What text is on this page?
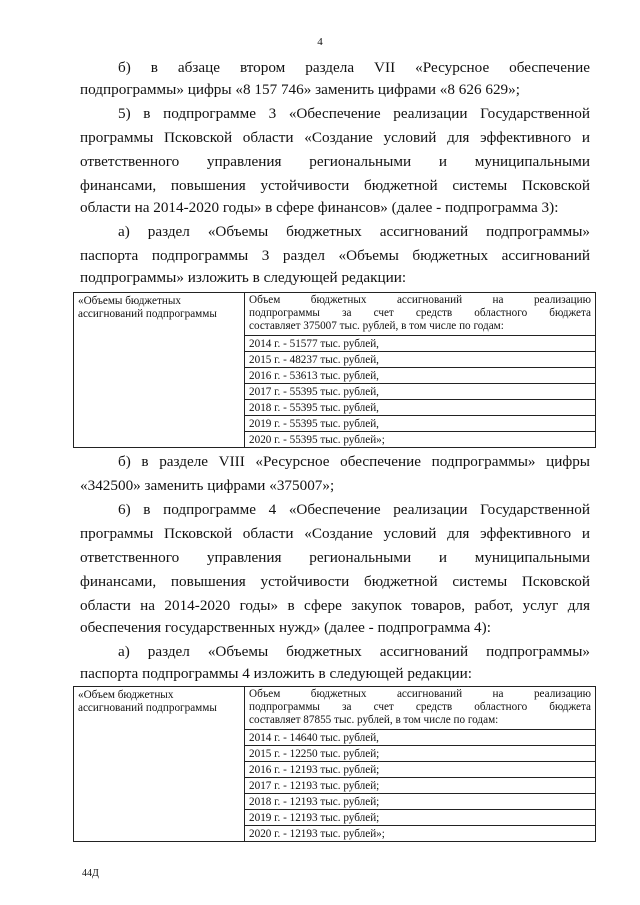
4
б) в абзаце втором раздела VII «Ресурсное обеспечение
подпрограммы» цифры «8 157 746» заменить цифрами «8 626 629»;
5) в подпрограмме 3 «Обеспечение реализации Государственной
программы Псковской области «Создание условий для эффективного и
ответственного управления региональными и муниципальными
финансами, повышения устойчивости бюджетной системы Псковской
области на 2014-2020 годы» в сфере финансов» (далее - подпрограмма 3):
а) раздел «Объемы бюджетных ассигнований подпрограммы»
паспорта подпрограммы 3 раздел «Объемы бюджетных ассигнований
подпрограммы» изложить в следующей редакции:
«Объемы бюджетных ассигнований подпрограммы	
Объем бюджетных ассигнований на реализацию
подпрограммы за счет средств областного бюджета
составляет 375007 тыс. рублей, в том числе по годам:
2014 г. - 51577 тыс. рублей,
2015 г. - 48237 тыс. рублей,
2016 г. - 53613 тыс. рублей,
2017 г. - 55395 тыс. рублей,
2018 г. - 55395 тыс. рублей,
2019 г. - 55395 тыс. рублей,
2020 г. - 55395 тыс. рублей»;
б) в разделе VIII «Ресурсное обеспечение подпрограммы» цифры
«342500» заменить цифрами «375007»;
6) в подпрограмме 4 «Обеспечение реализации Государственной
программы Псковской области «Создание условий для эффективного и
ответственного управления региональными и муниципальными
финансами, повышения устойчивости бюджетной системы Псковской
области на 2014-2020 годы» в сфере закупок товаров, работ, услуг для
обеспечения государственных нужд» (далее - подпрограмма 4):
а) раздел «Объемы бюджетных ассигнований подпрограммы»
паспорта подпрограммы 4 изложить в следующей редакции:
«Объем бюджетных ассигнований подпрограммы	
Объем бюджетных ассигнований на реализацию
подпрограммы за счет средств областного бюджета
составляет 87855 тыс. рублей, в том числе по годам:
2014 г. - 14640 тыс. рублей,
2015 г. - 12250 тыс. рублей;
2016 г. - 12193 тыс. рублей;
2017 г. - 12193 тыс. рублей;
2018 г. - 12193 тыс. рублей;
2019 г. - 12193 тыс. рублей;
2020 г. - 12193 тыс. рублей»;
44Д
